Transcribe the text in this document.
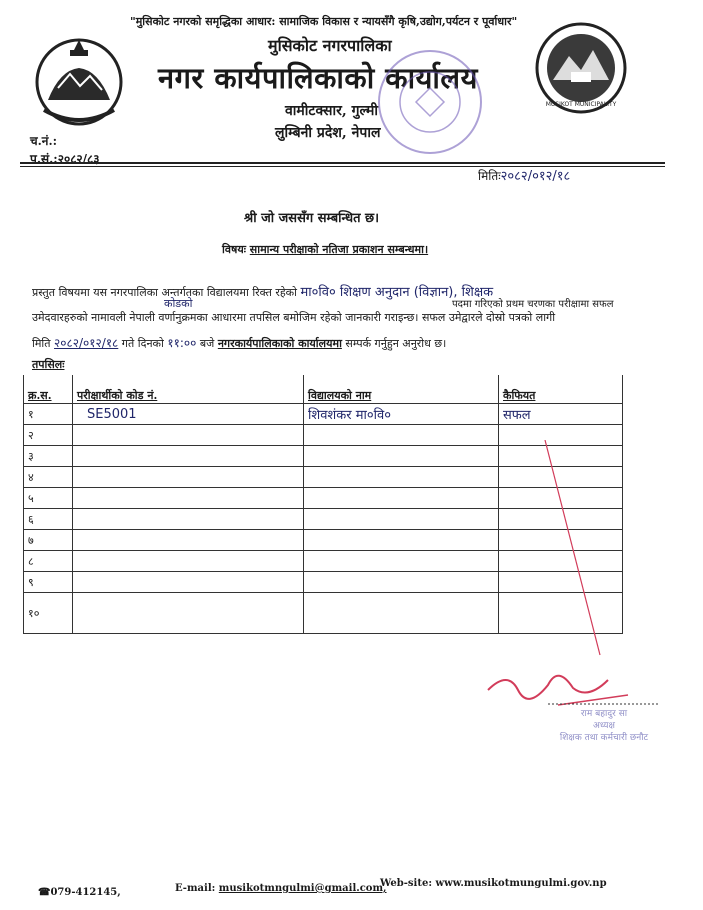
MUSIKOT MUNICIPALITY
"मुसिकोट नगरको समृद्धिका आधार: सामाजिक विकास र न्यायसँगै कृषि,उद्योग,पर्यटन र पूर्वाधार"
मुसिकोट नगरपालिका
नगर कार्यपालिकाको कार्यालय
वामीटक्सार, गुल्मी
लुम्बिनी प्रदेश, नेपाल
च.नं.:
प.सं.:२०८२/८३
मितिः२०८२/०१२/१८
श्री जो जससँग सम्बन्धित छ।
विषयः सामान्य परीक्षाको नतिजा प्रकाशन सम्बन्धमा।
प्रस्तुत विषयमा यस नगरपालिका अन्तर्गतका विद्यालयमा रिक्त रहेको मा०वि० शिक्षण अनुदान (विज्ञान), शिक्षक
पदमा गरिएको प्रथम चरणका परीक्षामा सफल
कोडको
उमेदवारहरुको नामावली नेपाली वर्णानुक्रमका आधारमा तपसिल बमोजिम रहेको जानकारी गराइन्छ। सफल उमेद्वारले दोस्रो पत्रको लागी
मिति २०८२/०१२/१८ गते दिनको ११:०० बजे नगरकार्यपालिकाको कार्यालयमा सम्पर्क गर्नुहुन अनुरोध छ।
तपसिलः
क्र.स.	परीक्षार्थीको कोड नं.	विद्यालयको नाम	कैफियत
१	SE5001	शिवशंकर मा०वि०	सफल
२			
३			
४			
५			
६			
७			
८			
९			
१०			
राम बहादुर सा
अध्यक्ष
शिक्षक तथा कर्मचारी छनौट
☎079-412145,	E-mail: musikotmngulmi@gmail.com,
Web-site: www.musikotmungulmi.gov.np
